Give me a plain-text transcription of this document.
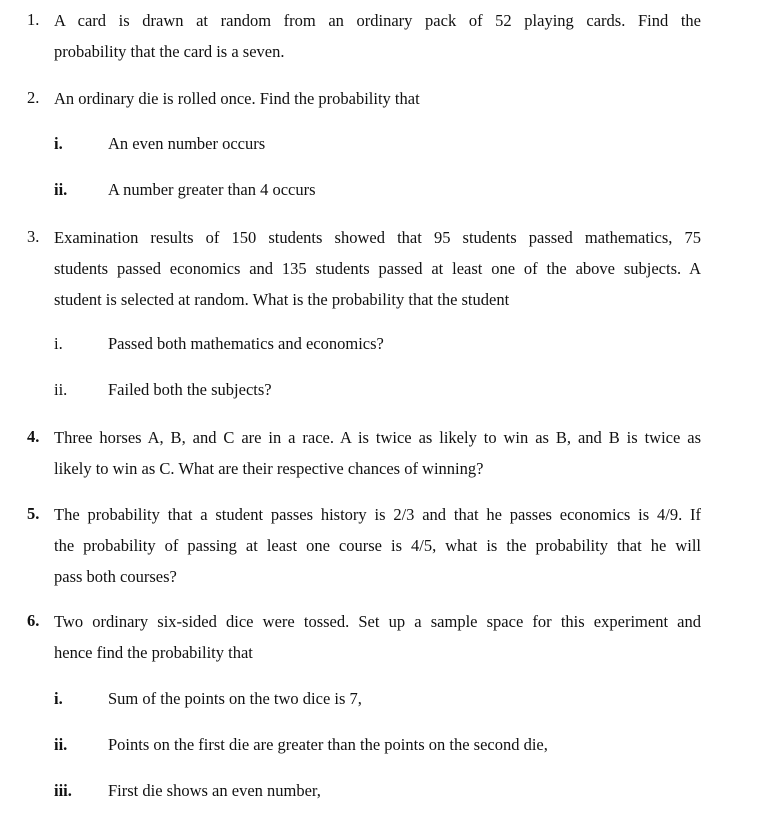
1. A card is drawn at random from an ordinary pack of 52 playing cards. Find the
probability that the card is a seven.
2. An ordinary die is rolled once. Find the probability that
i.	An even number occurs
ii. A number greater than 4 occurs
3. Examination results of 150 students showed that 95 students passed mathematics, 75
students passed economics and 135 students passed at least one of the above subjects. A
student is selected at random. What is the probability that the student
i.	Passed both mathematics and economics?
ii. Failed both the subjects?
4. Three horses A, B, and C are in a race. A is twice as likely to win as B, and B is twice as
likely to win as C. What are their respective chances of winning?
5. The probability that a student passes history is 2/3 and that he passes economics is 4/9. If
the probability of passing at least one course is 4/5, what is the probability that he will
pass both courses?
6. Two ordinary six-sided dice were tossed. Set up a sample space for this experiment and
hence find the probability that
i.	Sum of the points on the two dice is 7,
ii. Points on the first die are greater than the points on the second die,
iii. First die shows an even number,
